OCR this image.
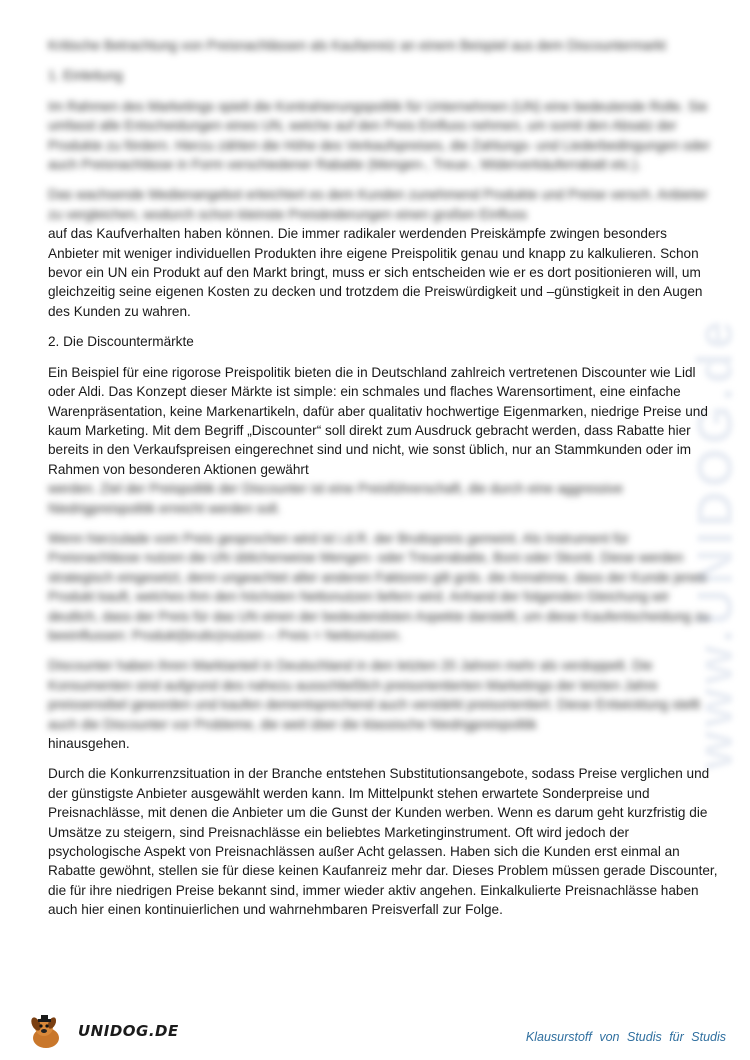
www.UNIDOG.de

Kritische Betrachtung von Preisnachlässen als Kaufanreiz an einem Beispiel aus dem Discountermarkt

1. Einleitung

Im Rahmen des Marketings spielt die Kontrahierungspolitik für Unternehmen (UN) eine bedeutende Rolle. Sie umfasst alle Entscheidungen eines UN, welche auf den Preis Einfluss nehmen, um somit den Absatz der Produkte zu fördern. Hierzu zählen die Höhe des Verkaufspreises, die Zahlungs- und Liederbedingungen oder auch Preisnachlässe in Form verschiedener Rabatte (Mengen-, Treue-, Widerverkäuferrabatt etc.).

Das wachsende Medienangebot erleichtert es dem Kunden zunehmend Produkte und Preise versch. Anbieter zu vergleichen, wodurch schon kleinste Preisänderungen einen großen Einfluss
auf das Kaufverhalten haben können. Die immer radikaler werdenden Preiskämpfe zwingen besonders Anbieter mit weniger individuellen Produkten ihre eigene Preispolitik genau und knapp zu kalkulieren. Schon bevor ein UN ein Produkt auf den Markt bringt, muss er sich entscheiden wie er es dort positionieren will, um gleichzeitig seine eigenen Kosten zu decken und trotzdem die Preiswürdigkeit und –günstigkeit in den Augen des Kunden zu wahren.

2. Die Discountermärkte

Ein Beispiel für eine rigorose Preispolitik bieten die in Deutschland zahlreich vertretenen Discounter wie Lidl oder Aldi. Das Konzept dieser Märkte ist simple: ein schmales und flaches Warensortiment, eine einfache Warenpräsentation, keine Markenartikeln, dafür aber qualitativ hochwertige Eigenmarken, niedrige Preise und kaum Marketing. Mit dem Begriff „Discounter“ soll direkt zum Ausdruck gebracht werden, dass Rabatte hier bereits in den Verkaufspreisen eingerechnet sind und nicht, wie sonst üblich, nur an Stammkunden oder im Rahmen von besonderen Aktionen gewährt
werden. Ziel der Preispolitik der Discounter ist eine Preisführerschaft, die durch eine aggressive Niedrigpreispolitik erreicht werden soll.

Wenn hierzulade vom Preis gesprochen wird ist i.d.R. der Bruttopreis gemeint. Als Instrument für Preisnachlässe nutzen die UN üblicherweise Mengen- oder Treuerabatte, Boni oder Skonti. Diese werden strategisch eingesetzt, denn ungeachtet aller anderen Faktoren gilt grds. die Annahme, dass der Kunde jenes Produkt kauft, welches ihm den höchsten Nettonutzen liefern wird. Anhand der folgenden Gleichung wir deutlich, dass der Preis für das UN einen der bedeutendsten Aspekte darstellt, um diese Kaufentscheidung zu beeinflussen: Produkt(brutto)nutzen – Preis = Nettonutzen.

Discounter haben ihren Marktanteil in Deutschland in den letzten 20 Jahren mehr als verdoppelt. Die Konsumenten sind aufgrund des nahezu ausschließlich preisorientierten Marketings der letzten Jahre preissensibel geworden und kaufen dementsprechend auch verstärkt preisorientiert. Diese Entwicklung stellt auch die Discounter vor Probleme, die weit über die klassische Niedrigpreispolitik
hinausgehen.

Durch die Konkurrenzsituation in der Branche entstehen Substitutionsangebote, sodass Preise verglichen und der günstigste Anbieter ausgewählt werden kann. Im Mittelpunkt stehen erwartete Sonderpreise und Preisnachlässe, mit denen die Anbieter um die Gunst der Kunden werben. Wenn es darum geht kurzfristig die Umsätze zu steigern, sind Preisnachlässe ein beliebtes Marketinginstrument. Oft wird jedoch der psychologische Aspekt von Preisnachlässen außer Acht gelassen. Haben sich die Kunden erst einmal an Rabatte gewöhnt, stellen sie für diese keinen Kaufanreiz mehr dar. Dieses Problem müssen gerade Discounter, die für ihre niedrigen Preise bekannt sind, immer wieder aktiv angehen. Einkalkulierte Preisnachlässe haben auch hier einen kontinuierlichen und wahrnehmbaren Preisverfall zur Folge.

UNIDOG.DE	Klausurstoff von Studis für Studis
